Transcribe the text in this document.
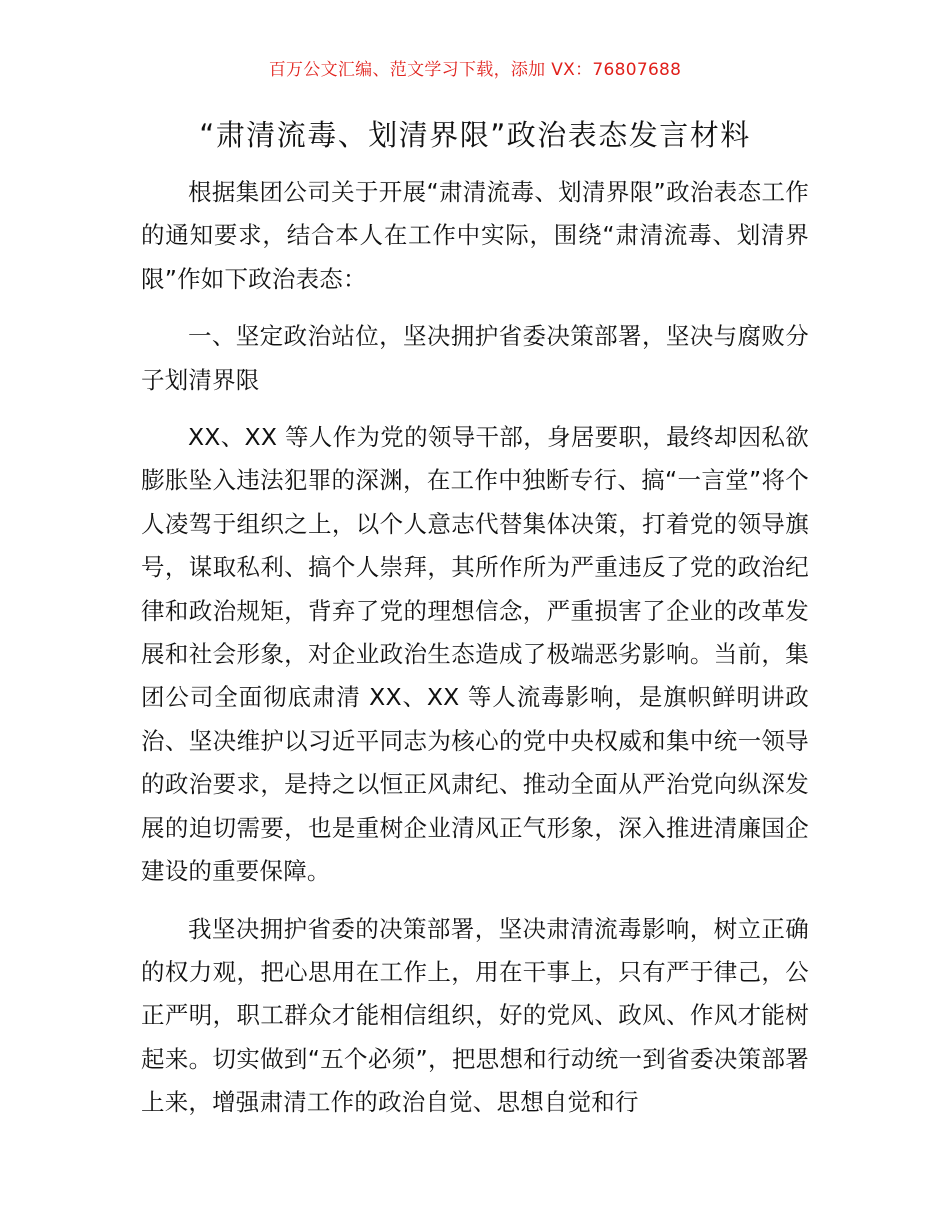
百万公文汇编、范文学习下载，添加 VX：76807688
“肃清流毒、划清界限”政治表态发言材料

根据集团公司关于开展“肃清流毒、划清界限”政治表态工作的通知要求，结合本人在工作中实际，围绕“肃清流毒、划清界限”作如下政治表态：

一、坚定政治站位，坚决拥护省委决策部署，坚决与腐败分子划清界限

XX、XX 等人作为党的领导干部，身居要职，最终却因私欲膨胀坠入违法犯罪的深渊，在工作中独断专行、搞“一言堂”将个人凌驾于组织之上，以个人意志代替集体决策，打着党的领导旗号，谋取私利、搞个人崇拜，其所作所为严重违反了党的政治纪律和政治规矩，背弃了党的理想信念，严重损害了企业的改革发展和社会形象，对企业政治生态造成了极端恶劣影响。当前，集团公司全面彻底肃清 XX、XX 等人流毒影响，是旗帜鲜明讲政治、坚决维护以习近平同志为核心的党中央权威和集中统一领导的政治要求，是持之以恒正风肃纪、推动全面从严治党向纵深发展的迫切需要，也是重树企业清风正气形象，深入推进清廉国企建设的重要保障。

我坚决拥护省委的决策部署，坚决肃清流毒影响，树立正确的权力观，把心思用在工作上，用在干事上，只有严于律己，公正严明，职工群众才能相信组织，好的党风、政风、作风才能树起来。切实做到“五个必须”，把思想和行动统一到省委决策部署上来，增强肃清工作的政治自觉、思想自觉和行
